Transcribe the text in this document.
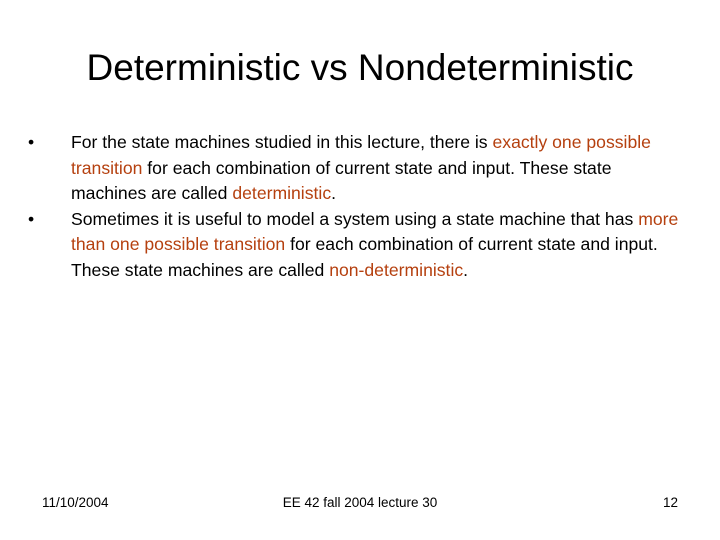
Deterministic vs Nondeterministic
• For the state machines studied in this lecture, there is exactly one possible transition for each combination of current state and input. These state machines are called deterministic.
• Sometimes it is useful to model a system using a state machine that has more than one possible transition for each combination of current state and input. These state machines are called non-deterministic.
EE 42 fall 2004 lecture 30
11/10/2004	12
